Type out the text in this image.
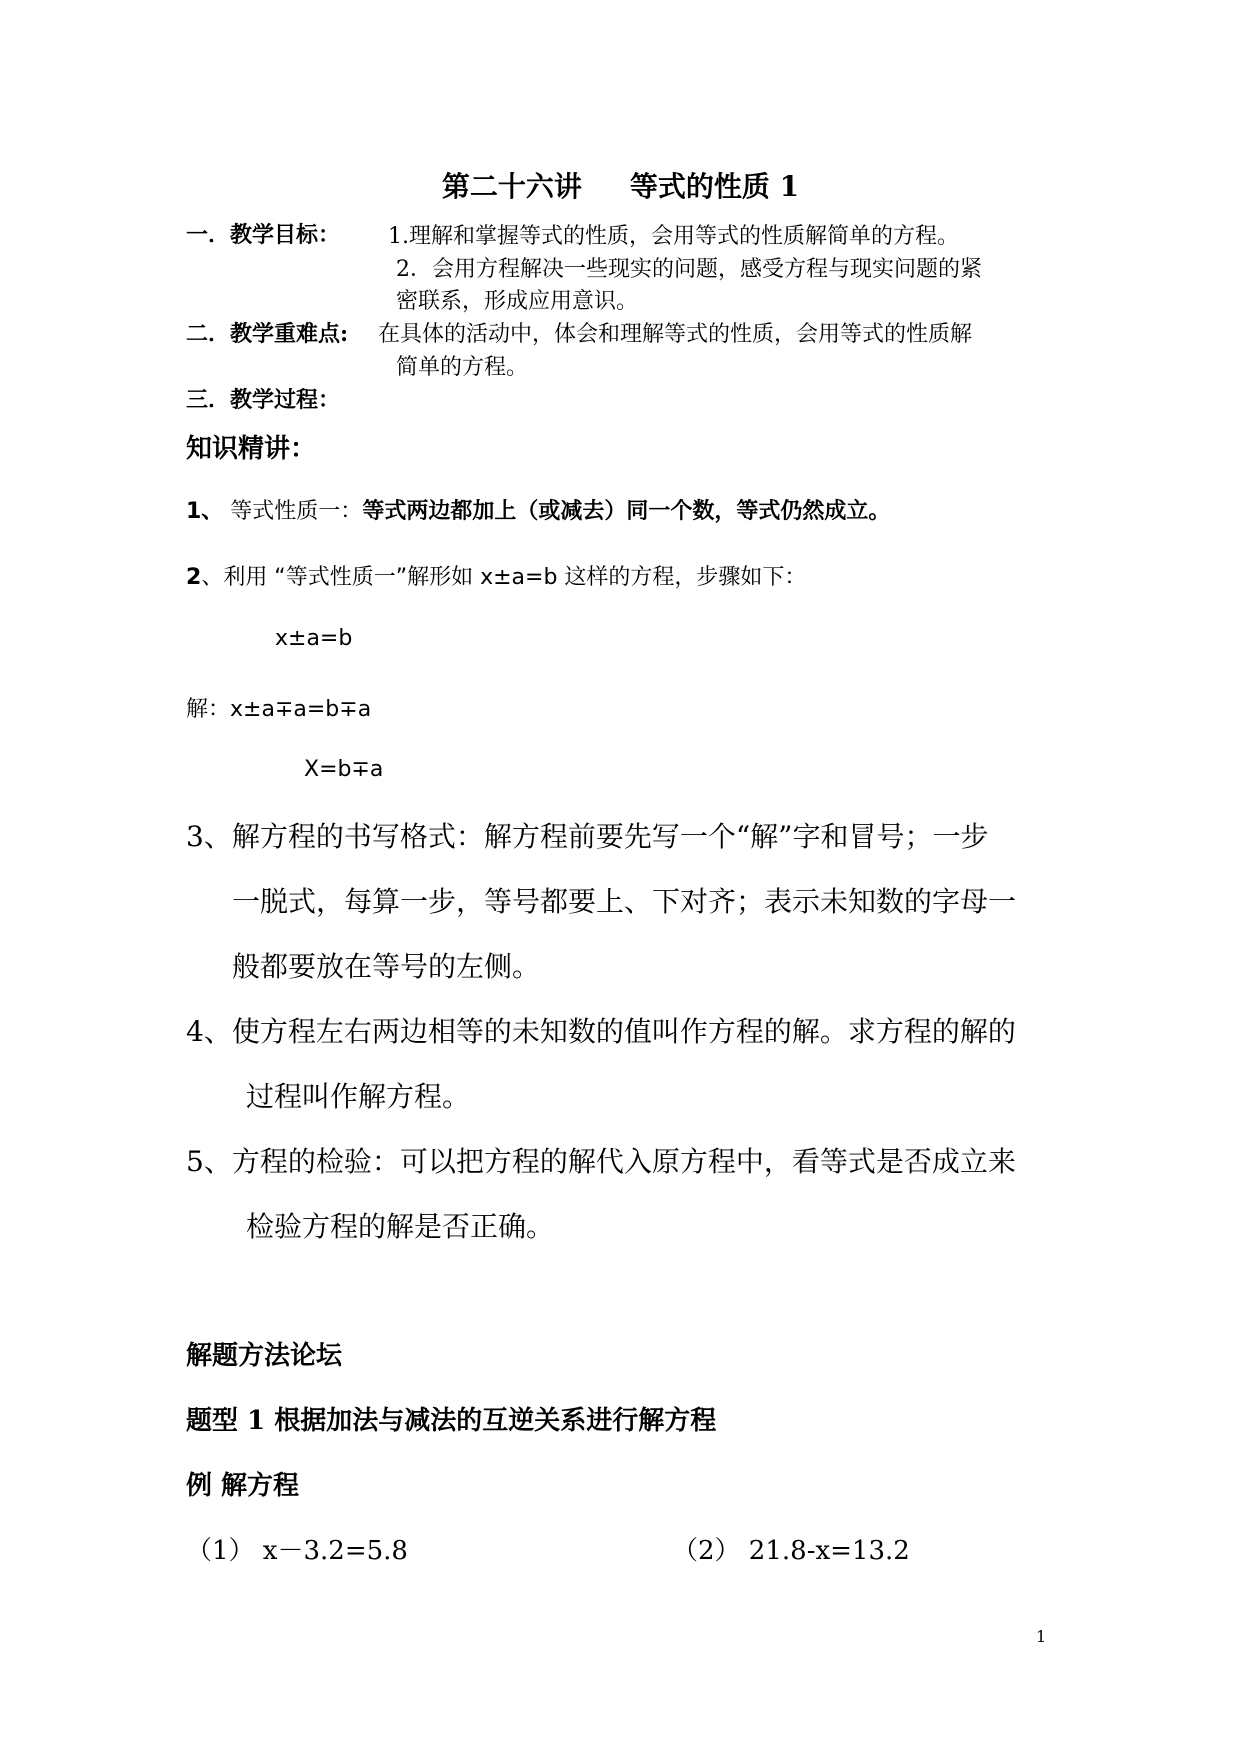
第二十六讲 等式的性质 1
一．教学目标： 1.理解和掌握等式的性质，会用等式的性质解简单的方程。
2．会用方程解决一些现实的问题，感受方程与现实问题的紧
密联系，形成应用意识。
二．教学重难点: 在具体的活动中，体会和理解等式的性质，会用等式的性质解
简单的方程。
三．教学过程：
知识精讲：
1、 等式性质一：等式两边都加上（或减去）同一个数，等式仍然成立。
2、利用 “等式性质一”解形如 x±a=b 这样的方程，步骤如下：
x±a=b
解：x±a∓a=b∓a
X=b∓a
3、解方程的书写格式：解方程前要先写一个“解”字和冒号；一步
一脱式，每算一步，等号都要上、下对齐；表示未知数的字母一
般都要放在等号的左侧。
4、使方程左右两边相等的未知数的值叫作方程的解。求方程的解的
过程叫作解方程。
5、方程的检验：可以把方程的解代入原方程中，看等式是否成立来
检验方程的解是否正确。
解题方法论坛
题型 1 根据加法与减法的互逆关系进行解方程
例 解方程
（1） x－3.2=5.8	（2） 21.8-x=13.2
1
